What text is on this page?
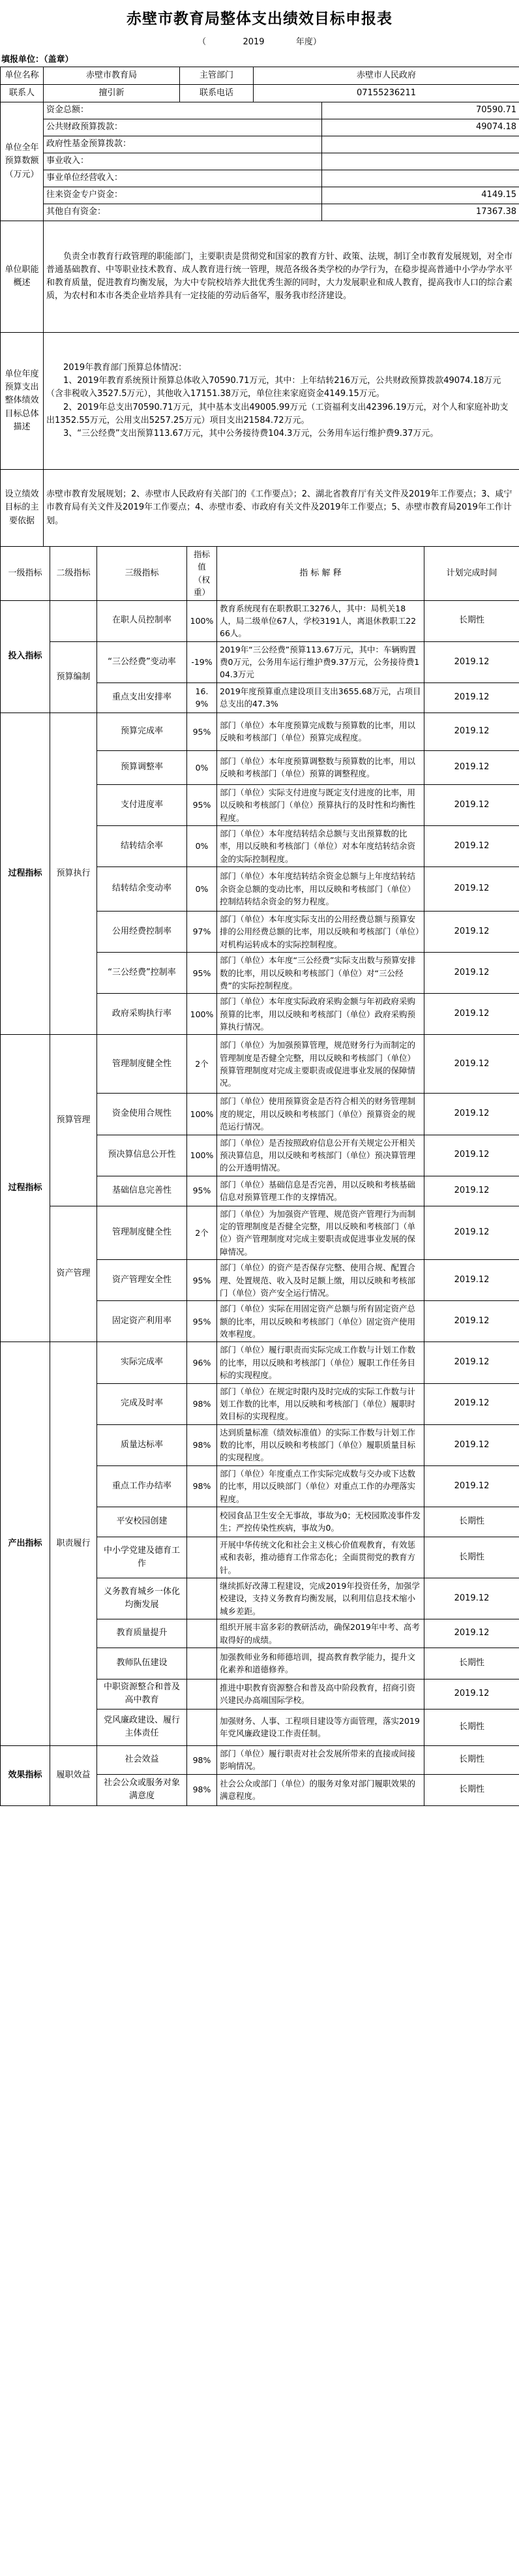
赤壁市教育局整体支出绩效目标申报表
（	2019	年度）
填报单位：（盖章）
单位名称	赤壁市教育局	主管部门	赤壁市人民政府	
联系人	擅引新	联系电话	07155236211	
单位全年预算数额（万元）	资金总额：			70590.71
	公共财政预算拨款：			49074.18
	政府性基金预算拨款：			
	事业收入：			
	事业单位经营收入：			
	往来资金专户资金：			4149.15
	其他自有资金：			17367.38
单位职能概述	负责全市教育行政管理的职能部门，主要职责是贯彻党和国家的教育方针、政策、法规，制订全市教育发展规划，对全市普通基础教育、中等职业技术教育、成人教育进行统一管理，规范各级各类学校的办学行为，在稳步提高普通中小学办学水平和教育质量，促进教育均衡发展，为大中专院校培养大批优秀生源的同时，大力发展职业和成人教育，提高我市人口的综合素质，为农村和本市各类企业培养具有一定技能的劳动后备军，服务我市经济建设。			
单位年度预算支出整体绩效目标总体描述	2019年教育部门预算总体情况：
1、2019年教育系统预计预算总体收入70590.71万元，其中：上年结转216万元，公共财政预算拨款49074.18万元（含非税收入3527.5万元），其他收入17151.38万元，单位往来家庭资金4149.15万元。
2、2019年总支出70590.71万元，其中基本支出49005.99万元（工资福利支出42396.19万元，对个人和家庭补助支出1352.55万元，公用支出5257.25万元）项目支出21584.72万元。
3、“三公经费”支出预算113.67万元，其中公务接待费104.3万元，公务用车运行维护费9.37万元。			

设立绩效目标的主要依据	赤壁市教育发展规划；2、赤壁市人民政府有关部门的《工作要点》；2、湖北省教育厅有关文件及2019年工作要点；3、咸宁市教育局有关文件及2019年工作要点；4、赤壁市委、市政府有关文件及2019年工作要点；5、赤壁市教育局2019年工作计划。			
一级指标	二级指标	三级指标	指标值（权重）	指 标 解 释	计划完成时间
投入指标		在职人员控制率	100%	教育系统现有在职教职工3276人，其中：局机关18人，局二级单位67人，学校3191人，离退休教职工2266人。	长期性
	预算编制	“三公经费”变动率	-19%	2019年“三公经费”预算113.67万元，其中：车辆购置费0万元，公务用车运行维护费9.37万元，公务接待费104.3万元	2019.12
		重点支出安排率	16.9%	2019年度预算重点建设项目支出3655.68万元，占项目总支出的47.3%	2019.12
过程指标	预算执行	预算完成率	95%	部门（单位）本年度预算完成数与预算数的比率，用以反映和考核部门（单位）预算完成程度。	2019.12
		预算调整率	0%	部门（单位）本年度预算调整数与预算数的比率，用以反映和考核部门（单位）预算的调整程度。	2019.12
		支付进度率	95%	部门（单位）实际支付进度与既定支付进度的比率，用以反映和考核部门（单位）预算执行的及时性和均衡性程度。	2019.12
		结转结余率	0%	部门（单位）本年度结转结余总额与支出预算数的比率，用以反映和考核部门（单位）对本年度结转结余资金的实际控制程度。	2019.12
		结转结余变动率	0%	部门（单位）本年度结转结余资金总额与上年度结转结余资金总额的变动比率，用以反映和考核部门（单位）控制结转结余资金的努力程度。	2019.12
		公用经费控制率	97%	部门（单位）本年度实际支出的公用经费总额与预算安排的公用经费总额的比率，用以反映和考核部门（单位）对机构运转成本的实际控制程度。	2019.12
		“三公经费”控制率	95%	部门（单位）本年度“三公经费”实际支出数与预算安排数的比率，用以反映和考核部门（单位）对“三公经费”的实际控制程度。	2019.12
		政府采购执行率	100%	部门（单位）本年度实际政府采购金额与年初政府采购预算的比率，用以反映和考核部门（单位）政府采购预算执行情况。	2019.12
过程指标	预算管理	管理制度健全性	2个	部门（单位）为加强预算管理，规范财务行为而制定的管理制度是否健全完整，用以反映和考核部门（单位）预算管理制度对完成主要职责或促进事业发展的保障情况。	2019.12
		资金使用合规性	100%	部门（单位）使用预算资金是否符合相关的财务管理制度的规定，用以反映和考核部门（单位）预算资金的规范运行情况。	2019.12
		预决算信息公开性	100%	部门（单位）是否按照政府信息公开有关规定公开相关预决算信息，用以反映和考核部门（单位）预决算管理的公开透明情况。	2019.12
		基础信息完善性	95%	部门（单位）基础信息是否完善，用以反映和考核基础信息对预算管理工作的支撑情况。	2019.12
	资产管理	管理制度健全性	2个	部门（单位）为加强资产管理、规范资产管理行为而制定的管理制度是否健全完整，用以反映和考核部门（单位）资产管理制度对完成主要职责或促进事业发展的保障情况。	2019.12
		资产管理安全性	95%	部门（单位）的资产是否保存完整、使用合规、配置合理、处置规范、收入及时足额上缴，用以反映和考核部门（单位）资产安全运行情况。	2019.12
		固定资产利用率	95%	部门（单位）实际在用固定资产总额与所有固定资产总额的比率，用以反映和考核部门（单位）固定资产使用效率程度。	2019.12
产出指标	职责履行	实际完成率	96%	部门（单位）履行职责而实际完成工作数与计划工作数的比率，用以反映和考核部门（单位）履职工作任务目标的实现程度。	2019.12
		完成及时率	98%	部门（单位）在规定时限内及时完成的实际工作数与计划工作数的比率，用以反映和考核部门（单位）履职时效目标的实现程度。	2019.12
		质量达标率	98%	达到质量标准（绩效标准值）的实际工作数与计划工作数的比率，用以反映和考核部门（单位）履职质量目标的实现程度。	2019.12
		重点工作办结率	98%	部门（单位）年度重点工作实际完成数与交办或下达数的比率，用以反映部门（单位）对重点工作的办理落实程度。	2019.12
		平安校园创建		校园食品卫生安全无事故，事故为0；无校园欺凌事件发生；严控传染性疾病，事故为0。	长期性
		中小学党建及德育工作		开展中华传统文化和社会主义核心价值观教育，有效惩戒和表彰，推动德育工作常态化；全面贯彻党的教育方针。	长期性
		义务教育城乡一体化均衡发展		继续抓好改薄工程建设，完成2019年投资任务，加强学校建设，支持义务教育均衡发展，以利用信息技术缩小城乡差距。	2019.12
		教育质量提升		组织开展丰富多彩的教研活动，确保2019年中考、高考取得好的成绩。	2019.12
		教师队伍建设		加强教师业务和师德培训，提高教育教学能力，提升文化素养和道德修养。	长期性
		中职资源整合和普及高中教育		推进中职教育资源整合和普及高中阶段教育，招商引资兴建民办高端国际学校。	2019.12
		党风廉政建设、履行主体责任		加强财务、人事、工程项目建设等方面管理，落实2019年党风廉政建设工作责任制。	长期性
效果指标	履职效益	社会效益	98%	部门（单位）履行职责对社会发展所带来的直接或间接影响情况。	长期性
		社会公众或服务对象满意度	98%	社会公众或部门（单位）的服务对象对部门履职效果的满意程度。	长期性
